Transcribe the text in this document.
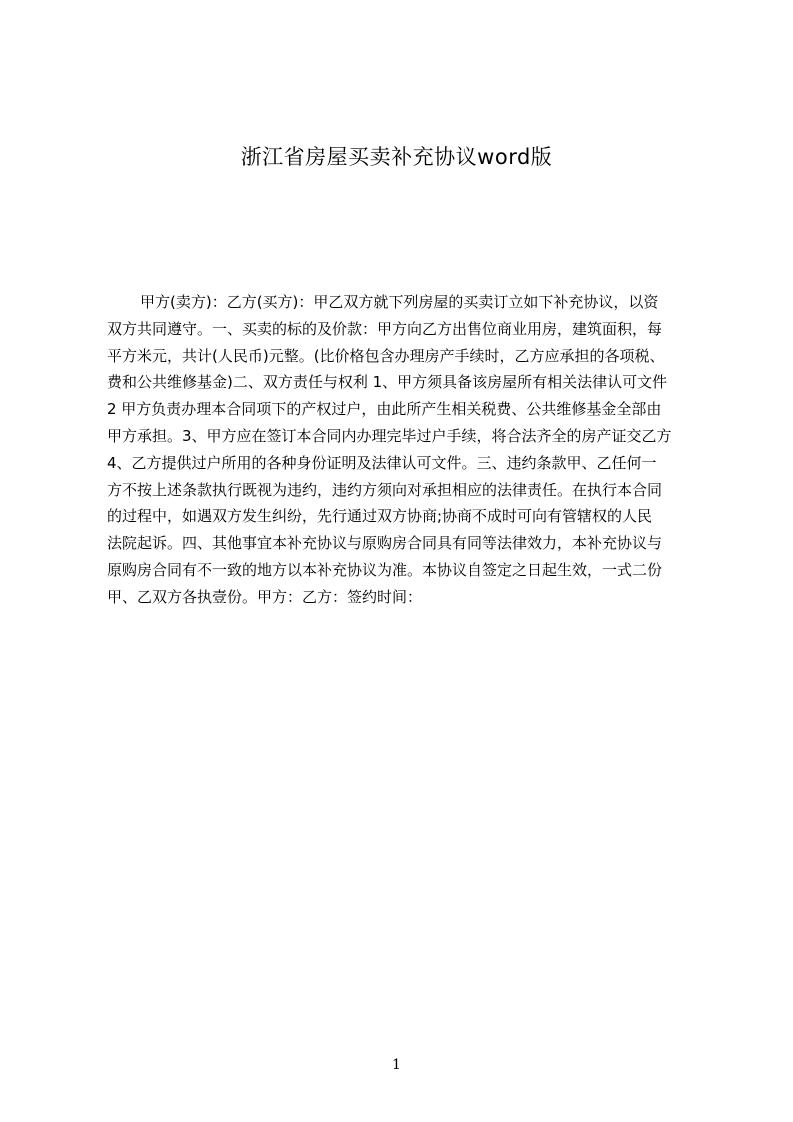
浙江省房屋买卖补充协议word版
甲方(卖方)：乙方(买方)：甲乙双方就下列房屋的买卖订立如下补充协议，以资
双方共同遵守。一、买卖的标的及价款：甲方向乙方出售位商业用房，建筑面积，每
平方米元，共计(人民币)元整。(比价格包含办理房产手续时，乙方应承担的各项税、
费和公共维修基金)二、双方责任与权利 1、甲方须具备该房屋所有相关法律认可文件
2 甲方负责办理本合同项下的产权过户，由此所产生相关税费、公共维修基金全部由
甲方承担。3、甲方应在签订本合同内办理完毕过户手续，将合法齐全的房产证交乙方
4、乙方提供过户所用的各种身份证明及法律认可文件。三、违约条款甲、乙任何一
方不按上述条款执行既视为违约，违约方须向对承担相应的法律责任。在执行本合同
的过程中，如遇双方发生纠纷，先行通过双方协商;协商不成时可向有管辖权的人民
法院起诉。四、其他事宜本补充协议与原购房合同具有同等法律效力，本补充协议与
原购房合同有不一致的地方以本补充协议为准。本协议自签定之日起生效，一式二份
甲、乙双方各执壹份。甲方：乙方：签约时间：
1
